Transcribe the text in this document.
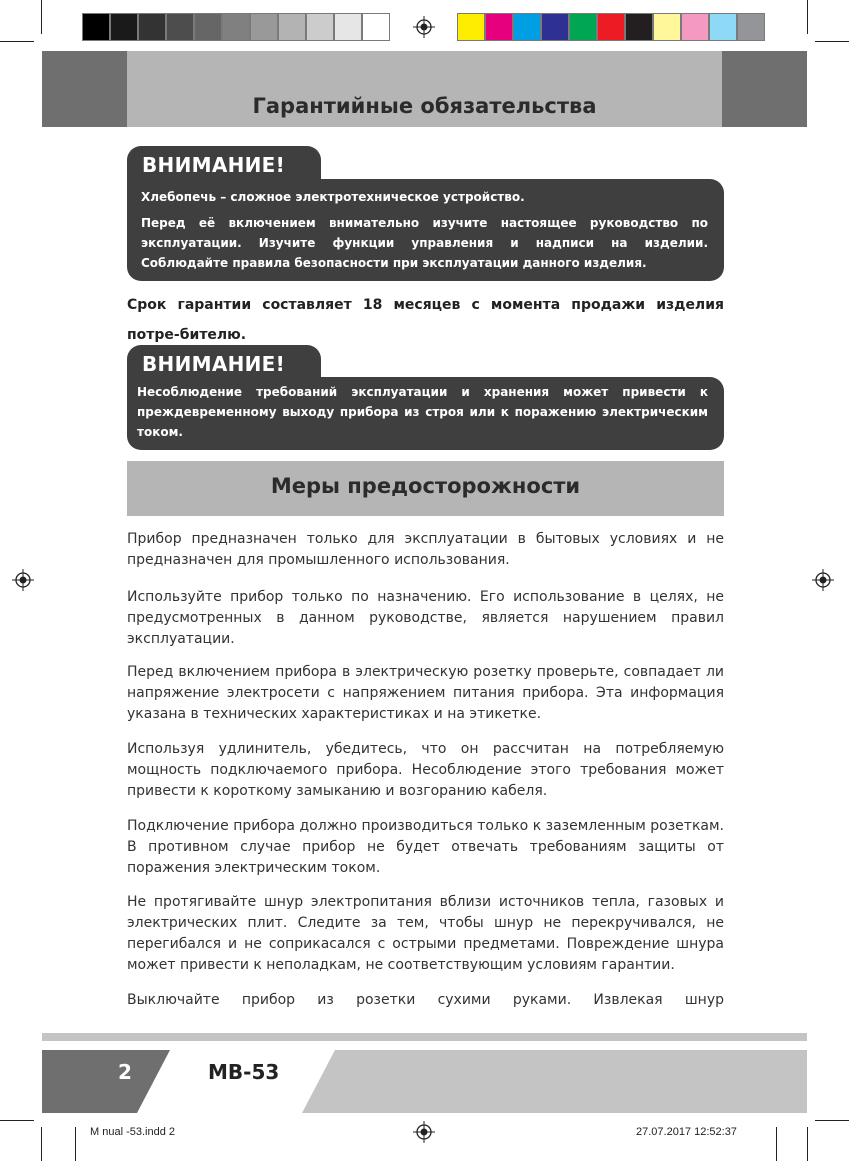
Гарантийные обязательства
ВНИМАНИЕ!

Хлебопечь – сложное электротехническое устройство.

Перед её включением внимательно изучите настоящее руководство по эксплуатации. Изучите функции управления и надписи на изделии. Соблюдайте правила безопасности при эксплуатации данного изделия.

Срок гарантии составляет 18 месяцев с момента продажи изделия потре-бителю.
ВНИМАНИЕ!

Несоблюдение требований эксплуатации и хранения может привести к преждевременному выходу прибора из строя или к поражению электрическим током.

Меры предосторожности

Прибор предназначен только для эксплуатации в бытовых условиях и не предназначен для промышленного использования.

Используйте прибор только по назначению. Его использование в целях, не предусмотренных в данном руководстве, является нарушением правил эксплуатации.

Перед включением прибора в электрическую розетку проверьте, совпадает ли напряжение электросети с напряжением питания прибора. Эта информация указана в технических характеристиках и на этикетке.

Используя удлинитель, убедитесь, что он рассчитан на потребляемую мощность подключаемого прибора. Несоблюдение этого требования может привести к короткому замыканию и возгоранию кабеля.

Подключение прибора должно производиться только к заземленным розеткам. В противном случае прибор не будет отвечать требованиям защиты от поражения электрическим током.

Не протягивайте шнур электропитания вблизи источников тепла, газовых и электрических плит. Следите за тем, чтобы шнур не перекручивался, не перегибался и не соприкасался с острыми предметами. Повреждение шнура может привести к неполадкам, не соответствующим условиям гарантии.

Выключайте прибор из розетки сухими руками. Извлекая шнур

2	MB-53
M nual -53.indd 2	27.07.2017 12:52:37
